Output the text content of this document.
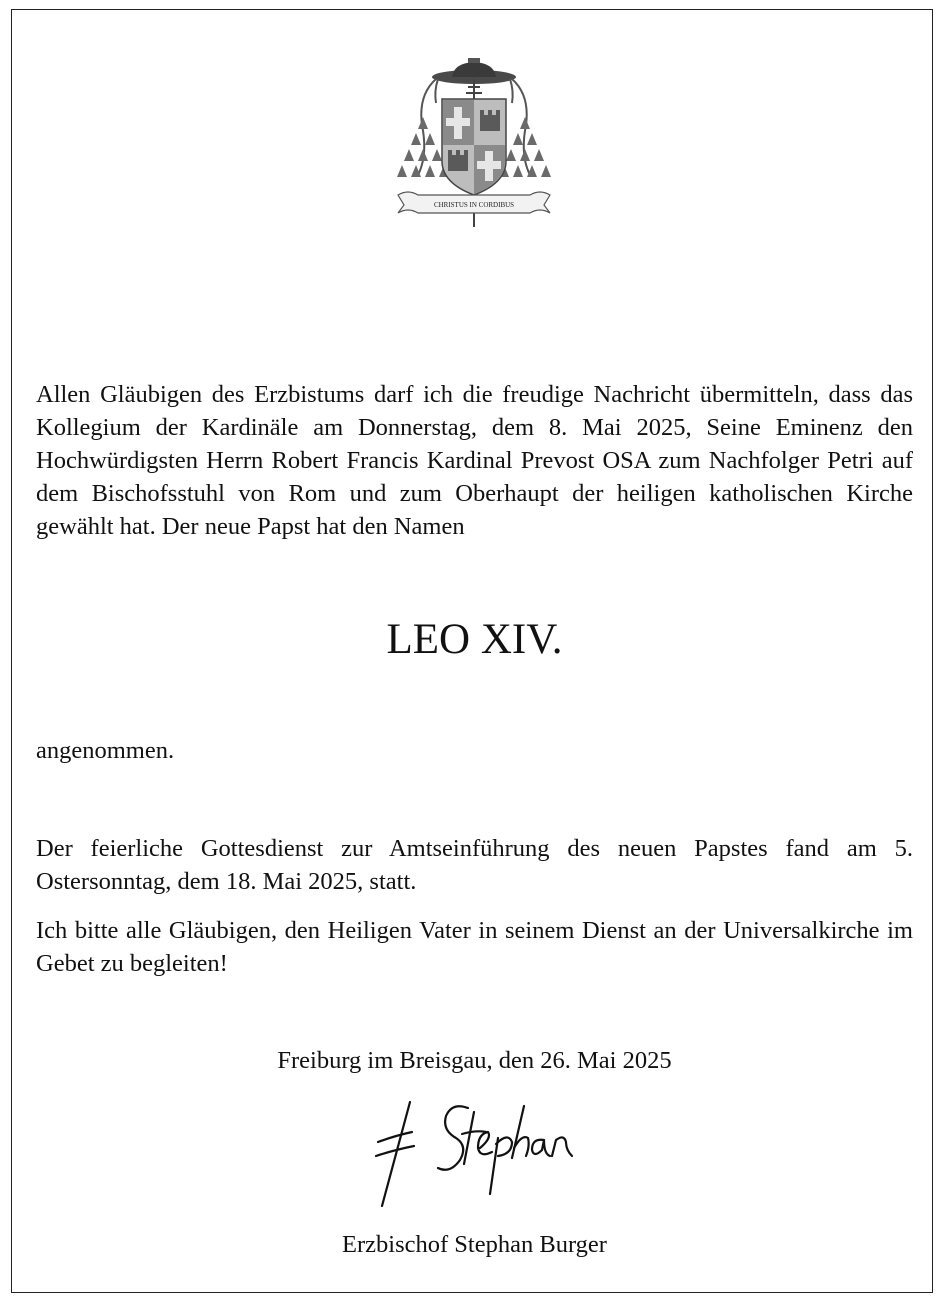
CHRISTUS IN CORDIBUS

Allen Gläubigen des Erzbistums darf ich die freudige Nachricht übermitteln, dass das Kollegium der Kardinäle am Donnerstag, dem 8. Mai 2025, Seine Eminenz den Hochwürdigsten Herrn Robert Francis Kardinal Prevost OSA zum Nachfolger Petri auf dem Bischofsstuhl von Rom und zum Oberhaupt der heiligen katholischen Kirche gewählt hat. Der neue Papst hat den Namen

LEO XIV.

angenommen.

Der feierliche Gottesdienst zur Amtseinführung des neuen Papstes fand am 5. Ostersonntag, dem 18. Mai 2025, statt.

Ich bitte alle Gläubigen, den Heiligen Vater in seinem Dienst an der Universalkirche im Gebet zu begleiten!

Freiburg im Breisgau, den 26. Mai 2025

Erzbischof Stephan Burger
